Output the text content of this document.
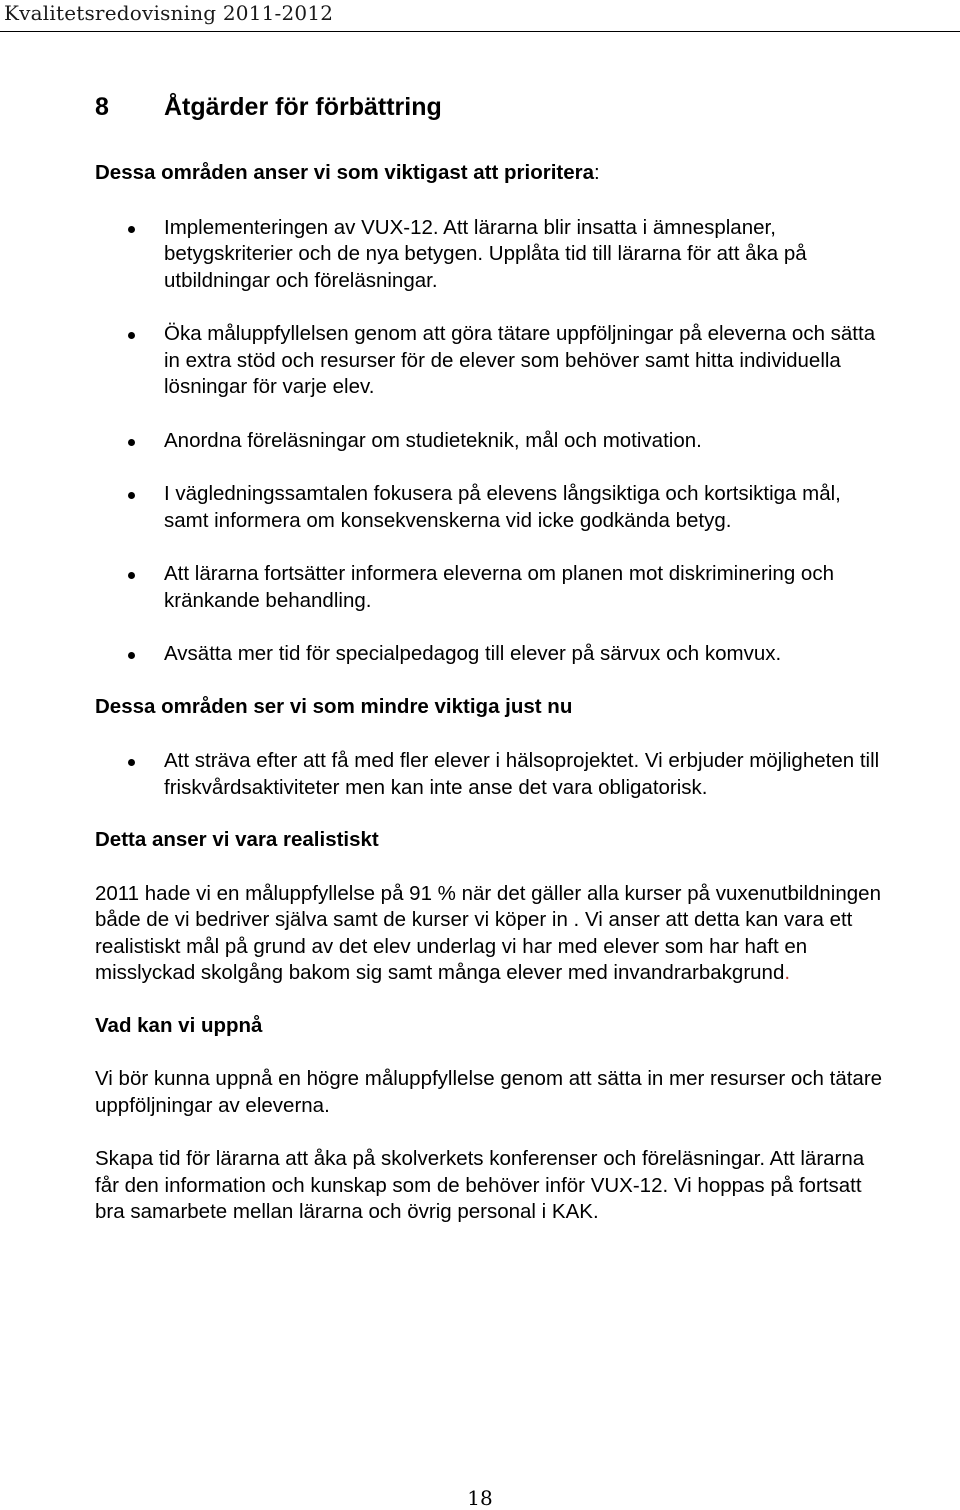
Kvalitetsredovisning 2011-2012
8	Åtgärder för förbättring

Dessa områden anser vi som viktigast att prioritera:

Implementeringen av VUX-12. Att lärarna blir insatta i ämnesplaner, betygskriterier och de nya betygen. Upplåta tid till lärarna för att åka på utbildningar och föreläsningar.
Öka måluppfyllelsen genom att göra tätare uppföljningar på eleverna och sätta in extra stöd och resurser för de elever som behöver samt hitta individuella lösningar för varje elev.
Anordna föreläsningar om studieteknik, mål och motivation.
I vägledningssamtalen fokusera på elevens långsiktiga och kortsiktiga mål, samt informera om konsekvenskerna vid icke godkända betyg.
Att lärarna fortsätter informera eleverna om planen mot diskriminering och kränkande behandling.
Avsätta mer tid för specialpedagog till elever på särvux och komvux.

Dessa områden ser vi som mindre viktiga just nu

Att sträva efter att få med fler elever i hälsoprojektet. Vi erbjuder möjligheten till friskvårdsaktiviteter men kan inte anse det vara obligatorisk.

Detta anser vi vara realistiskt

2011 hade vi en måluppfyllelse på 91 % när det gäller alla kurser på vuxenutbildningen både de vi bedriver själva samt de kurser vi köper in . Vi anser att detta kan vara ett realistiskt mål på grund av det elev underlag vi har med elever som har haft en misslyckad skolgång bakom sig samt många elever med invandrarbakgrund.

Vad kan vi uppnå

Vi bör kunna uppnå en högre måluppfyllelse genom att sätta in mer resurser och tätare uppföljningar av eleverna.

Skapa tid för lärarna att åka på skolverkets konferenser och föreläsningar. Att lärarna får den information och kunskap som de behöver inför VUX-12. Vi hoppas på fortsatt bra samarbete mellan lärarna och övrig personal i KAK.

18
